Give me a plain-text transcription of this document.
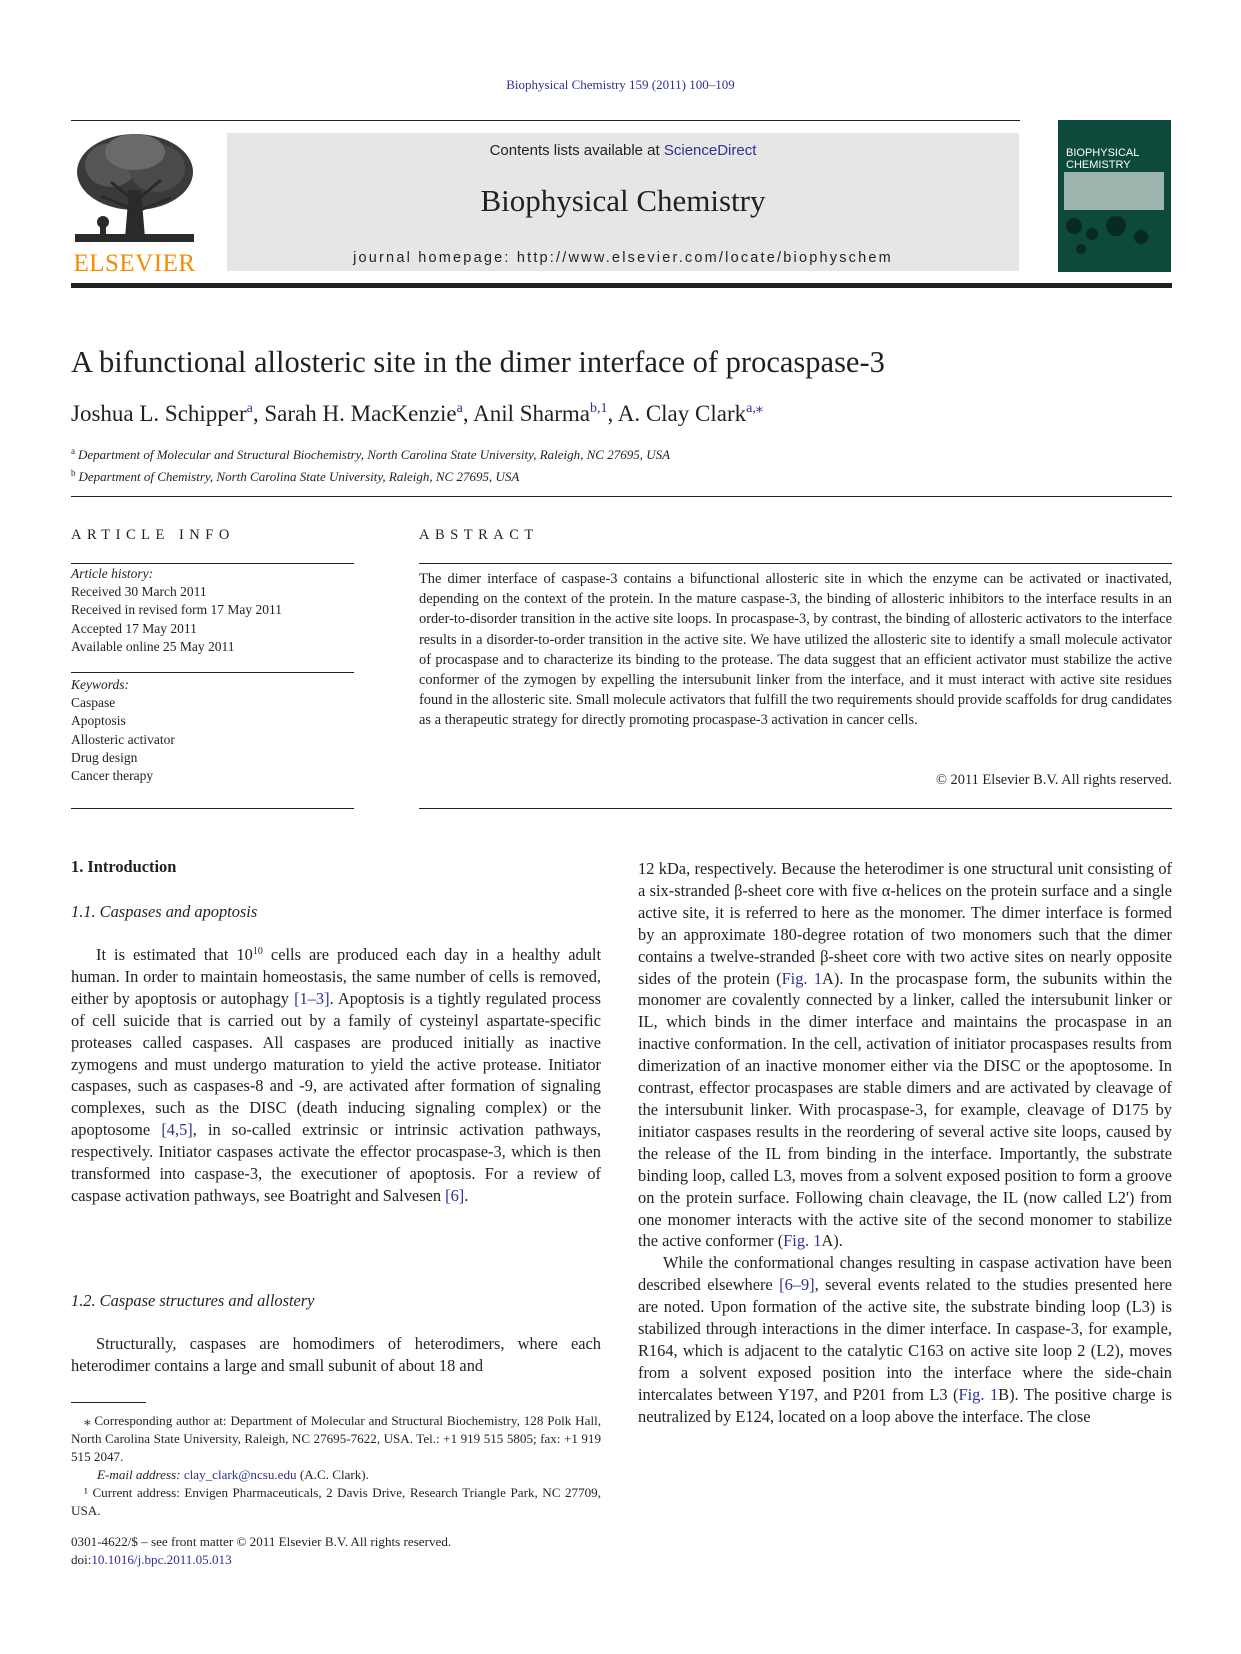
Biophysical Chemistry 159 (2011) 100–109
ELSEVIER
Contents lists available at ScienceDirect
Biophysical Chemistry
journal homepage: http://www.elsevier.com/locate/biophyschem
BIOPHYSICAL
CHEMISTRY
A bifunctional allosteric site in the dimer interface of procaspase-3
Joshua L. Schipper$^a$, Sarah H. MacKenzie$^a$, Anil Sharma$^{b,1}$, A. Clay Clark$^{a,⁎}$
$^a$ Department of Molecular and Structural Biochemistry, North Carolina State University, Raleigh, NC 27695, USA
$^b$ Department of Chemistry, North Carolina State University, Raleigh, NC 27695, USA
ARTICLE INFO
Article history:
Received 30 March 2011
Received in revised form 17 May 2011
Accepted 17 May 2011
Available online 25 May 2011
Keywords:
Caspase
Apoptosis
Allosteric activator
Drug design
Cancer therapy
ABSTRACT
The dimer interface of caspase-3 contains a bifunctional allosteric site in which the enzyme can be activated or inactivated, depending on the context of the protein. In the mature caspase-3, the binding of allosteric inhibitors to the interface results in an order-to-disorder transition in the active site loops. In procaspase-3, by contrast, the binding of allosteric activators to the interface results in a disorder-to-order transition in the active site. We have utilized the allosteric site to identify a small molecule activator of procaspase and to characterize its binding to the protease. The data suggest that an efficient activator must stabilize the active conformer of the zymogen by expelling the intersubunit linker from the interface, and it must interact with active site residues found in the allosteric site. Small molecule activators that fulfill the two requirements should provide scaffolds for drug candidates as a therapeutic strategy for directly promoting procaspase-3 activation in cancer cells.
© 2011 Elsevier B.V. All rights reserved.
1. Introduction
1.1. Caspases and apoptosis

It is estimated that $10^{10}$ cells are produced each day in a healthy adult human. In order to maintain homeostasis, the same number of cells is removed, either by apoptosis or autophagy [1–3]. Apoptosis is a tightly regulated process of cell suicide that is carried out by a family of cysteinyl aspartate-specific proteases called caspases. All caspases are produced initially as inactive zymogens and must undergo maturation to yield the active protease. Initiator caspases, such as caspases-8 and -9, are activated after formation of signaling complexes, such as the DISC (death inducing signaling complex) or the apoptosome [4,5], in so-called extrinsic or intrinsic activation pathways, respectively. Initiator caspases activate the effector procaspase-3, which is then transformed into caspase-3, the executioner of apoptosis. For a review of caspase activation pathways, see Boatright and Salvesen [6].

1.2. Caspase structures and allostery

Structurally, caspases are homodimers of heterodimers, where each heterodimer contains a large and small subunit of about 18 and

⁎ Corresponding author at: Department of Molecular and Structural Biochemistry, 128 Polk Hall, North Carolina State University, Raleigh, NC 27695-7622, USA. Tel.: +1 919 515 5805; fax: +1 919 515 2047.

E-mail address: clay_clark@ncsu.edu (A.C. Clark).

¹ Current address: Envigen Pharmaceuticals, 2 Davis Drive, Research Triangle Park, NC 27709, USA.

0301-4622/$ – see front matter © 2011 Elsevier B.V. All rights reserved.
doi:10.1016/j.bpc.2011.05.013

12 kDa, respectively. Because the heterodimer is one structural unit consisting of a six-stranded β-sheet core with five α-helices on the protein surface and a single active site, it is referred to here as the monomer. The dimer interface is formed by an approximate 180-degree rotation of two monomers such that the dimer contains a twelve-stranded β-sheet core with two active sites on nearly opposite sides of the protein (Fig. 1A). In the procaspase form, the subunits within the monomer are covalently connected by a linker, called the intersubunit linker or IL, which binds in the dimer interface and maintains the procaspase in an inactive conformation. In the cell, activation of initiator procaspases results from dimerization of an inactive monomer either via the DISC or the apoptosome. In contrast, effector procaspases are stable dimers and are activated by cleavage of the intersubunit linker. With procaspase-3, for example, cleavage of D175 by initiator caspases results in the reordering of several active site loops, caused by the release of the IL from binding in the interface. Importantly, the substrate binding loop, called L3, moves from a solvent exposed position to form a groove on the protein surface. Following chain cleavage, the IL (now called L2') from one monomer interacts with the active site of the second monomer to stabilize the active conformer (Fig. 1A).

While the conformational changes resulting in caspase activation have been described elsewhere [6–9], several events related to the studies presented here are noted. Upon formation of the active site, the substrate binding loop (L3) is stabilized through interactions in the dimer interface. In caspase-3, for example, R164, which is adjacent to the catalytic C163 on active site loop 2 (L2), moves from a solvent exposed position into the interface where the side-chain intercalates between Y197, and P201 from L3 (Fig. 1B). The positive charge is neutralized by E124, located on a loop above the interface. The close
